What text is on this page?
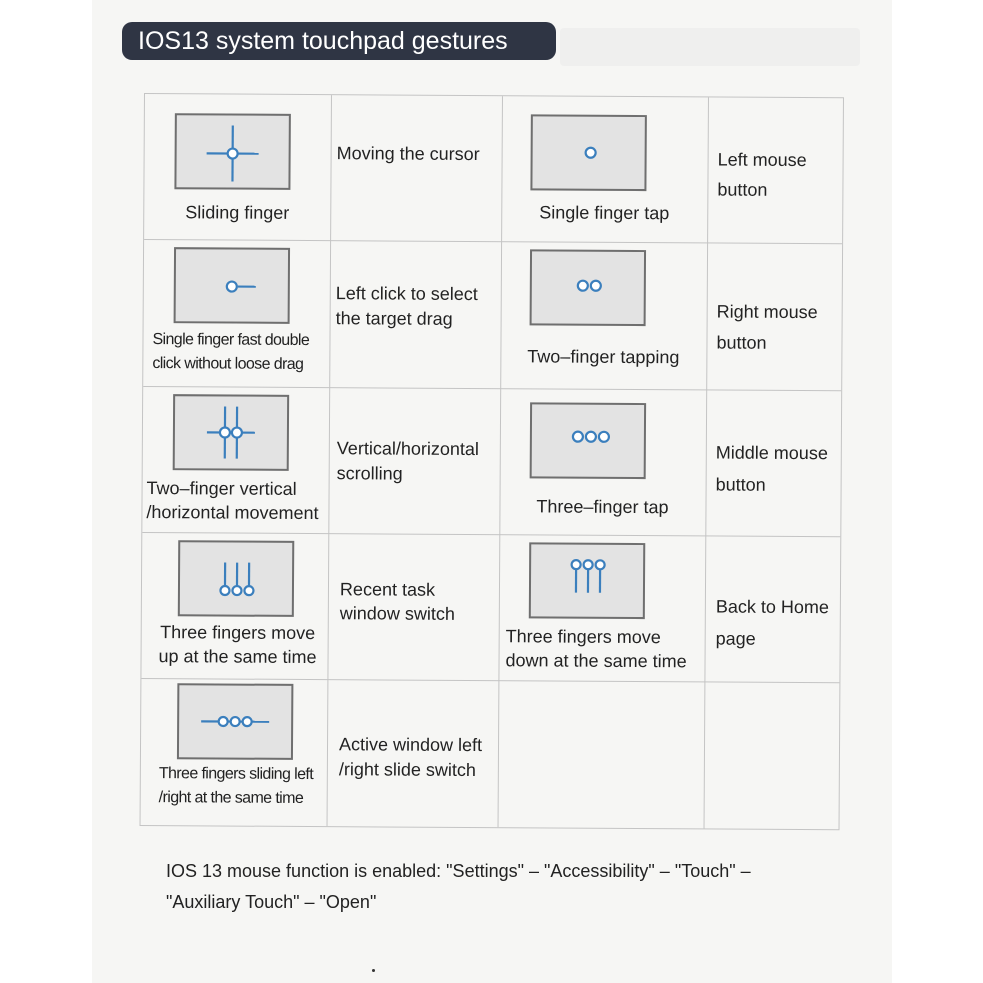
IOS13 system touchpad gestures
Sliding finger
Moving the cursor
Single finger tap
Left mouse
button
Single finger fast double
click without loose drag
Left click to select
the target drag
Two–finger tapping
Right mouse
button
Two–finger vertical
/horizontal movement
Vertical/horizontal
scrolling
Three–finger tap
Middle mouse
button
Three fingers move
up at the same time
Recent task
window switch
Three fingers move
down at the same time
Back to Home
page
Three fingers sliding left
/right at the same time
Active window left
/right slide switch
IOS 13 mouse function is enabled: "Settings" – "Accessibility" – "Touch" –
"Auxiliary Touch" – "Open"
